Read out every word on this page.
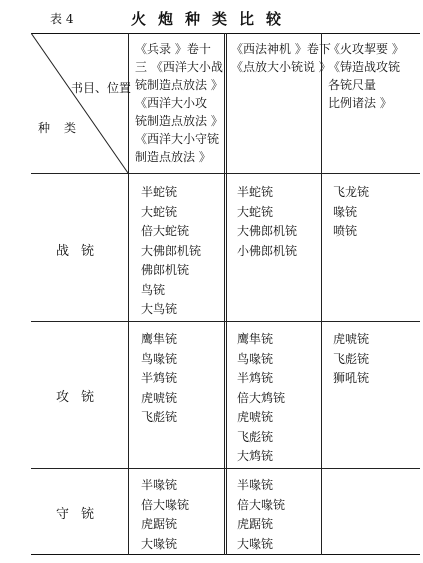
表 4	火炮种类比较
书目、位置
种类
《兵录 》卷十
三 《西洋大小战
铳制造点放法 》
《西洋大小攻
铳制造点放法 》
《西洋大小守铳
制造点放法 》
《西法神机 》卷下
《点放大小铳说 》
《火攻挈要 》
《铸造战攻铳
各铳尺量
比例诸法 》
战铳
攻铳
守铳
半蛇铳
大蛇铳
倍大蛇铳
大佛郎机铳
佛郎机铳
鸟铳
大鸟铳
半蛇铳
大蛇铳
大佛郎机铳
小佛郎机铳
飞龙铳
喙铳
喷铳
鹰隼铳
鸟喙铳
半鸩铳
虎唬铳
飞彪铳
鹰隼铳
鸟喙铳
半鸩铳
倍大鸩铳
虎唬铳
飞彪铳
大鸩铳
虎唬铳
飞彪铳
狮吼铳
半喙铳
倍大喙铳
虎踞铳
大喙铳
半喙铳
倍大喙铳
虎踞铳
大喙铳
